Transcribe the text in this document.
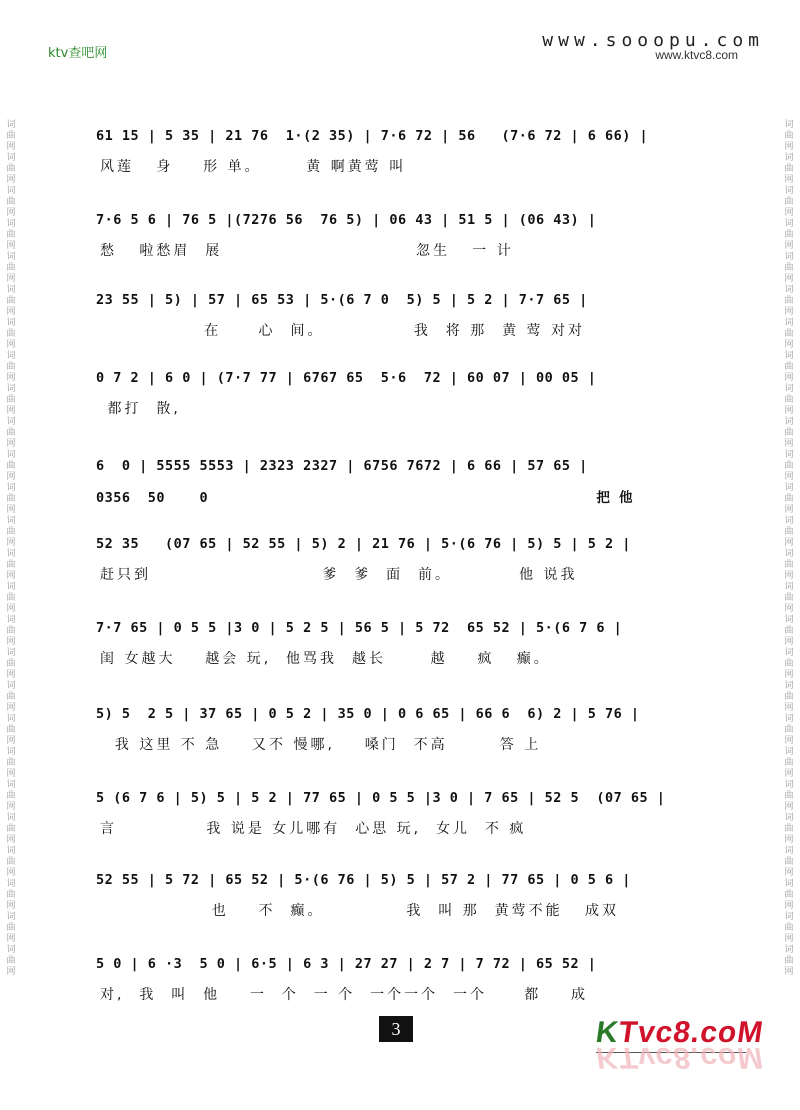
词曲网词曲网词曲网词曲网词曲网词曲网词曲网词曲网词曲网词曲网词曲网词曲网词曲网词曲网词曲网词曲网词曲网词曲网词曲网词曲网词曲网词曲网词曲网词曲网词曲网词曲网
词曲网词曲网词曲网词曲网词曲网词曲网词曲网词曲网词曲网词曲网词曲网词曲网词曲网词曲网词曲网词曲网词曲网词曲网词曲网词曲网词曲网词曲网词曲网词曲网词曲网词曲网
ktv查吧网
www.sooopu.com
www.ktvc8.com
61 15 | 5 35 | 21 76  1·(2 35) | 7·6 72 | 56   (7·6 72 | 6 66) |
风莲   身    形 单。      黄 啊黄莺 叫
7·6 5 6 | 76 5 |(7276 56  76 5) | 06 43 | 51 5 | (06 43) |
愁   啦愁眉  展                          忽生   一 计
23 55 | 5) | 57 | 65 53 | 5·(6 7 0  5) 5 | 5 2 | 7·7 65 |
在     心  间。            我  将 那  黄 莺 对对
0 7 2 | 6 0 | (7·7 77 | 6767 65  5·6  72 | 60 07 | 00 05 |
都打  散,
6  0 | 5555 5553 | 2323 2327 | 6756 7672 | 6 66 | 57 65 |
0356  50    0                                             把 他
52 35   (07 65 | 52 55 | 5) 2 | 21 76 | 5·(6 76 | 5) 5 | 5 2 |
赶只到                       爹  爹  面  前。         他 说我
7·7 65 | 0 5 5 |3 0 | 5 2 5 | 56 5 | 5 72  65 52 | 5·(6 7 6 |
闺 女越大    越会 玩,  他骂我  越长      越    疯   癫。
5) 5  2 5 | 37 65 | 0 5 2 | 35 0 | 0 6 65 | 66 6  6) 2 | 5 76 |
我 这里 不 急    又不 慢哪,    嗓门  不高       答 上
5 (6 7 6 | 5) 5 | 5 2 | 77 65 | 0 5 5 |3 0 | 7 65 | 52 5  (07 65 |
言            我 说是 女儿哪有  心思 玩,  女儿  不 疯
52 55 | 5 72 | 65 52 | 5·(6 76 | 5) 5 | 57 2 | 77 65 | 0 5 6 |
也    不  癫。           我  叫 那  黄莺不能   成双
5 0 | 6 ·3  5 0 | 6·5 | 6 3 | 27 27 | 2 7 | 7 72 | 65 52 |
对,  我  叫  他    一  个  一 个  一个一个  一个     都    成
3	KTvc8.coM
KTvc8.coM
